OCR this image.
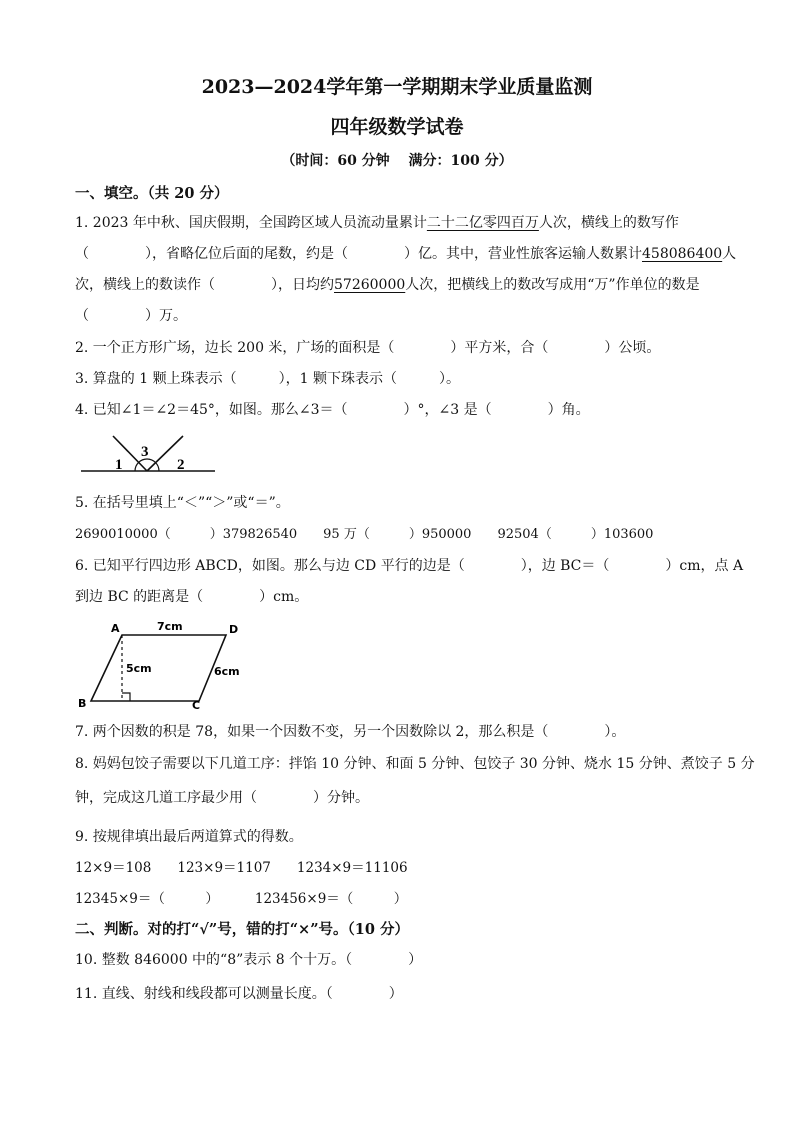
2023—2024学年第一学期期末学业质量监测
四年级数学试卷
（时间：60 分钟　 满分：100 分）
一、填空。（共 20 分）
1. 2023 年中秋、国庆假期，全国跨区域人员流动量累计二十二亿零四百万人次，横线上的数写作
（　　　　），省略亿位后面的尾数，约是（　　　　）亿。其中，营业性旅客运输人数累计458086400人
次，横线上的数读作（　　　　），日均约57260000人次，把横线上的数改写成用“万”作单位的数是
（　　　　）万。
2. 一个正方形广场，边长 200 米，广场的面积是（　　　　）平方米，合（　　　　）公顷。
3. 算盘的 1 颗上珠表示（　　　），1 颗下珠表示（　　　）。
4. 已知∠1＝∠2＝45°，如图。那么∠3＝（　　　　）°，∠3 是（　　　　）角。
1
3
2
5. 在括号里填上“＜”“＞”或“＝”。
2690010000（　　　）379826540 95 万（　　　）950000 92504（　　　）103600
6. 已知平行四边形 ABCD，如图。那么与边 CD 平行的边是（　　　　），边 BC＝（　　　　）cm，点 A
到边 BC 的距离是（　　　　）cm。
A	D
B	C
7cm
5cm	6cm
7. 两个因数的积是 78，如果一个因数不变，另一个因数除以 2，那么积是（　　　　）。
8. 妈妈包饺子需要以下几道工序：拌馅 10 分钟、和面 5 分钟、包饺子 30 分钟、烧水 15 分钟、煮饺子 5 分
钟，完成这几道工序最少用（　　　　）分钟。
9. 按规律填出最后两道算式的得数。
12×9＝108 123×9＝1107 1234×9＝11106
12345×9＝（　　　）	123456×9＝（　　　）
二、判断。对的打“√”号，错的打“×”号。（10 分）
10. 整数 846000 中的“8”表示 8 个十万。（　　　　）
11. 直线、射线和线段都可以测量长度。（　　　　）
